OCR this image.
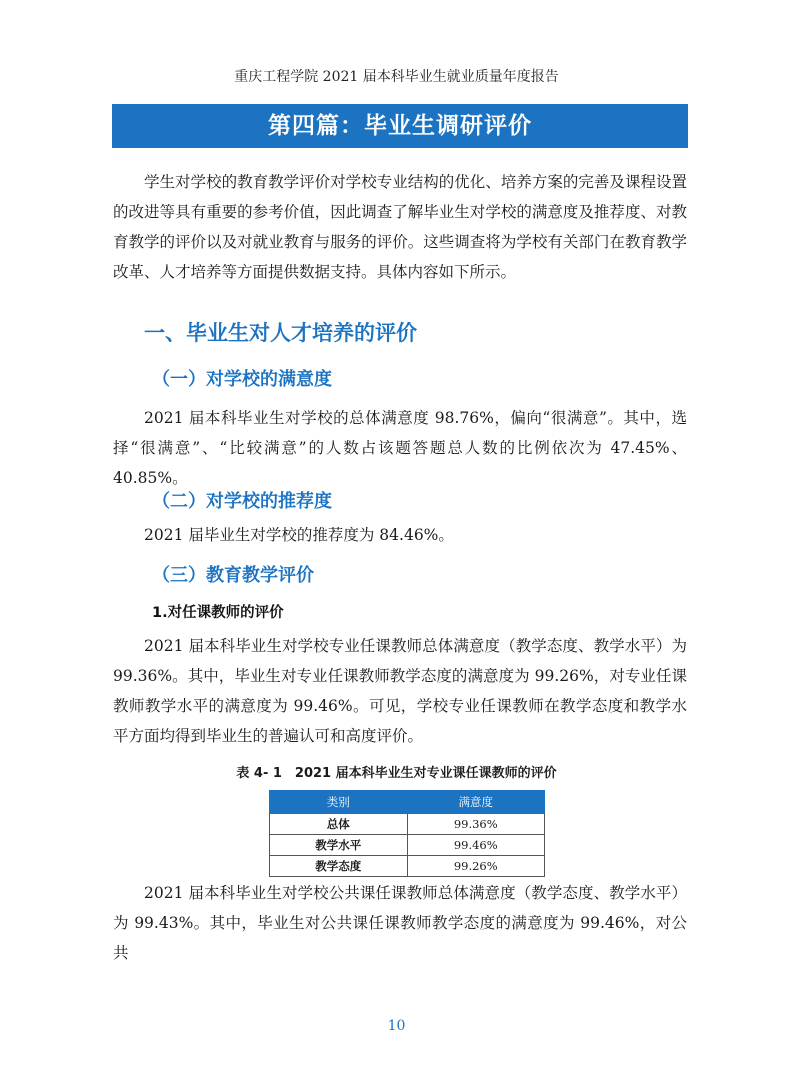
重庆工程学院 2021 届本科毕业生就业质量年度报告
第四篇：毕业生调研评价
学生对学校的教育教学评价对学校专业结构的优化、培养方案的完善及课程设置的改进等具有重要的参考价值，因此调查了解毕业生对学校的满意度及推荐度、对教育教学的评价以及对就业教育与服务的评价。这些调查将为学校有关部门在教育教学改革、人才培养等方面提供数据支持。具体内容如下所示。
一、毕业生对人才培养的评价
（一）对学校的满意度
2021 届本科毕业生对学校的总体满意度 98.76%，偏向“很满意”。其中，选择“很满意”、“比较满意”的人数占该题答题总人数的比例依次为 47.45%、40.85%。
（二）对学校的推荐度
2021 届毕业生对学校的推荐度为 84.46%。
（三）教育教学评价
1.对任课教师的评价
2021 届本科毕业生对学校专业任课教师总体满意度（教学态度、教学水平）为 99.36%。其中，毕业生对专业任课教师教学态度的满意度为 99.26%，对专业任课教师教学水平的满意度为 99.46%。可见，学校专业任课教师在教学态度和教学水平方面均得到毕业生的普遍认可和高度评价。
表 4- 1　2021 届本科毕业生对专业课任课教师的评价
类别	满意度
总体	99.36%
教学水平	99.46%
教学态度	99.26%
2021 届本科毕业生对学校公共课任课教师总体满意度（教学态度、教学水平）为 99.43%。其中，毕业生对公共课任课教师教学态度的满意度为 99.46%，对公共
10
